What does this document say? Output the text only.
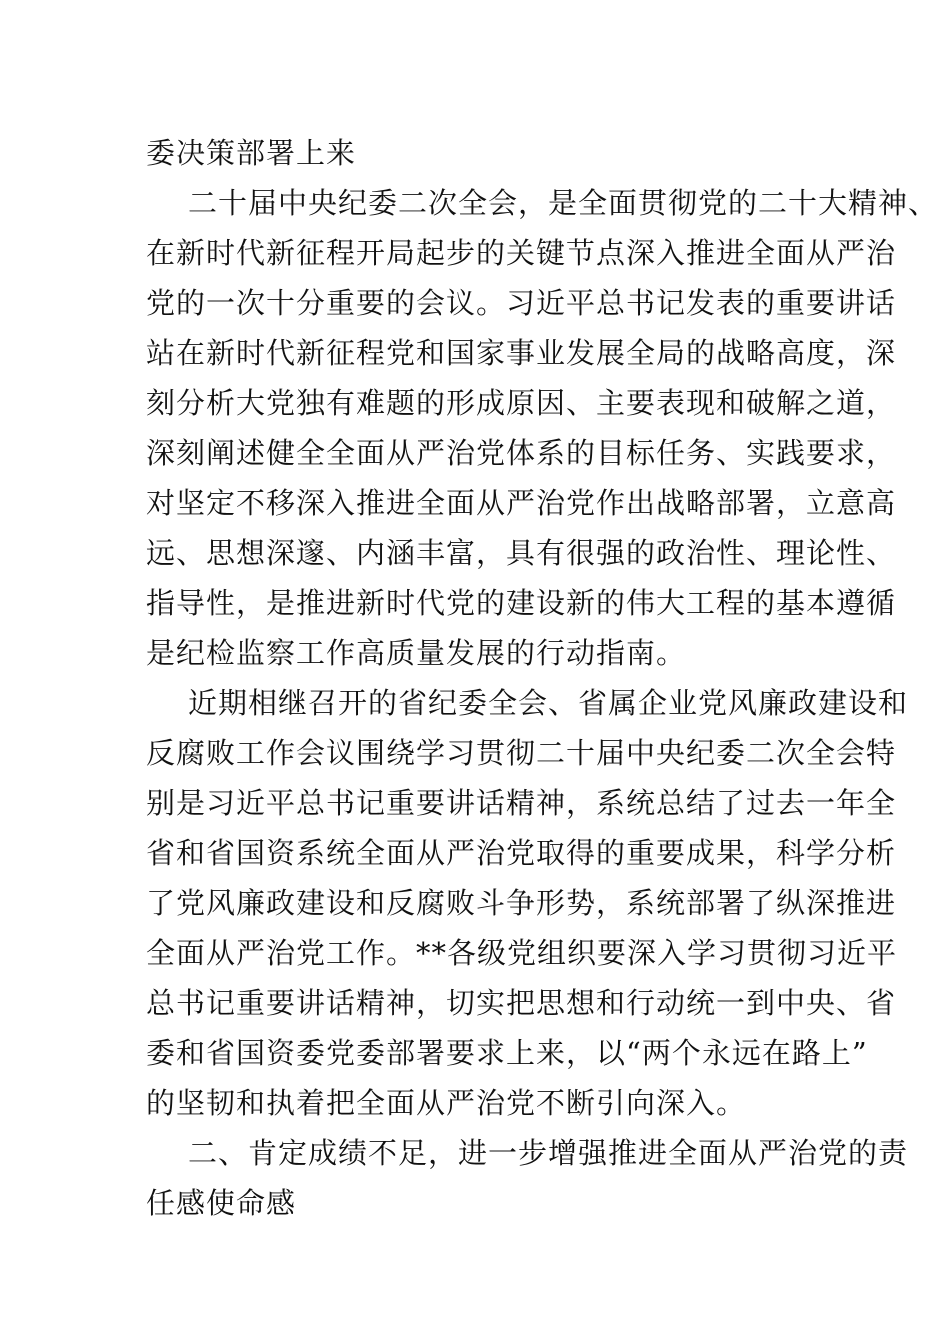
委决策部署上来
二十届中央纪委二次全会，是全面贯彻党的二十大精神、
在新时代新征程开局起步的关键节点深入推进全面从严治
党的一次十分重要的会议。习近平总书记发表的重要讲话
站在新时代新征程党和国家事业发展全局的战略高度，深
刻分析大党独有难题的形成原因、主要表现和破解之道，
深刻阐述健全全面从严治党体系的目标任务、实践要求，
对坚定不移深入推进全面从严治党作出战略部署，立意高
远、思想深邃、内涵丰富，具有很强的政治性、理论性、
指导性，是推进新时代党的建设新的伟大工程的基本遵循
是纪检监察工作高质量发展的行动指南。
近期相继召开的省纪委全会、省属企业党风廉政建设和
反腐败工作会议围绕学习贯彻二十届中央纪委二次全会特
别是习近平总书记重要讲话精神，系统总结了过去一年全
省和省国资系统全面从严治党取得的重要成果，科学分析
了党风廉政建设和反腐败斗争形势，系统部署了纵深推进
全面从严治党工作。**各级党组织要深入学习贯彻习近平
总书记重要讲话精神，切实把思想和行动统一到中央、省
委和省国资委党委部署要求上来，以“两个永远在路上”
的坚韧和执着把全面从严治党不断引向深入。
二、肯定成绩不足，进一步增强推进全面从严治党的责
任感使命感
